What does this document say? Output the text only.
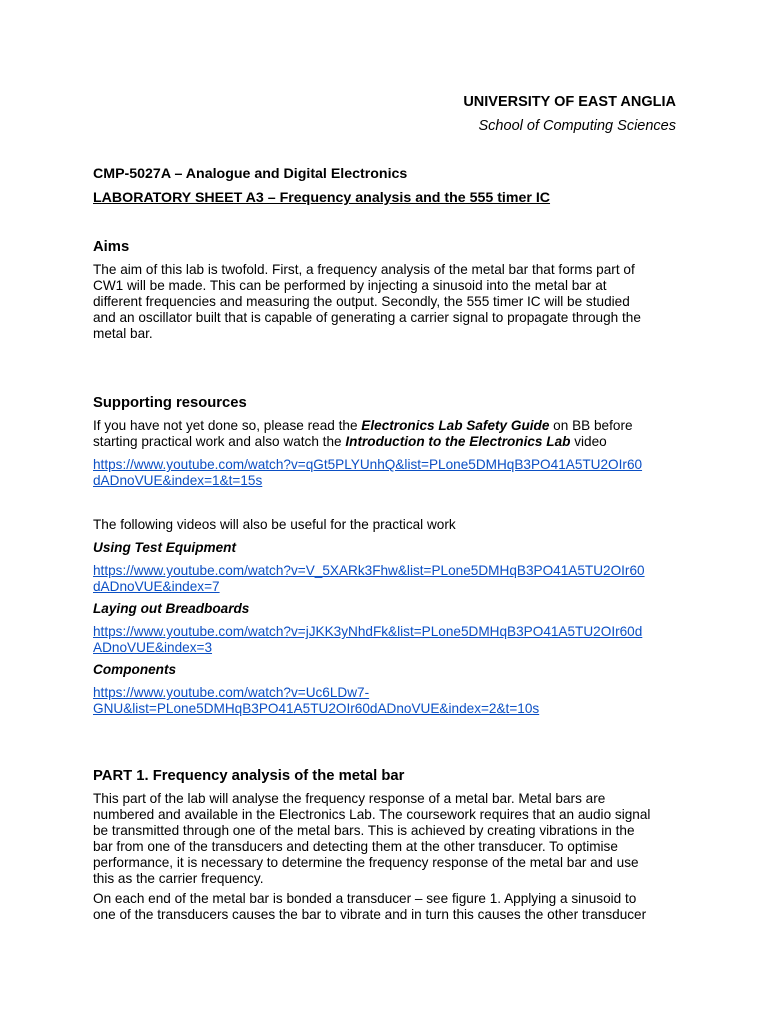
UNIVERSITY OF EAST ANGLIA
School of Computing Sciences
CMP-5027A – Analogue and Digital Electronics
LABORATORY SHEET A3 – Frequency analysis and the 555 timer IC
Aims
The aim of this lab is twofold. First, a frequency analysis of the metal bar that forms part of
CW1 will be made. This can be performed by injecting a sinusoid into the metal bar at
different frequencies and measuring the output. Secondly, the 555 timer IC will be studied
and an oscillator built that is capable of generating a carrier signal to propagate through the
metal bar.
Supporting resources
If you have not yet done so, please read the Electronics Lab Safety Guide on BB before
starting practical work and also watch the Introduction to the Electronics Lab video
https://www.youtube.com/watch?v=qGt5PLYUnhQ&list=PLone5DMHqB3PO41A5TU2OIr60
dADnoVUE&index=1&t=15s
The following videos will also be useful for the practical work
Using Test Equipment
https://www.youtube.com/watch?v=V_5XARk3Fhw&list=PLone5DMHqB3PO41A5TU2OIr60
dADnoVUE&index=7
Laying out Breadboards
https://www.youtube.com/watch?v=jJKK3yNhdFk&list=PLone5DMHqB3PO41A5TU2OIr60d
ADnoVUE&index=3
Components
https://www.youtube.com/watch?v=Uc6LDw7-
GNU&list=PLone5DMHqB3PO41A5TU2OIr60dADnoVUE&index=2&t=10s
PART 1. Frequency analysis of the metal bar
This part of the lab will analyse the frequency response of a metal bar. Metal bars are
numbered and available in the Electronics Lab. The coursework requires that an audio signal
be transmitted through one of the metal bars. This is achieved by creating vibrations in the
bar from one of the transducers and detecting them at the other transducer. To optimise
performance, it is necessary to determine the frequency response of the metal bar and use
this as the carrier frequency.
On each end of the metal bar is bonded a transducer – see figure 1. Applying a sinusoid to
one of the transducers causes the bar to vibrate and in turn this causes the other transducer
